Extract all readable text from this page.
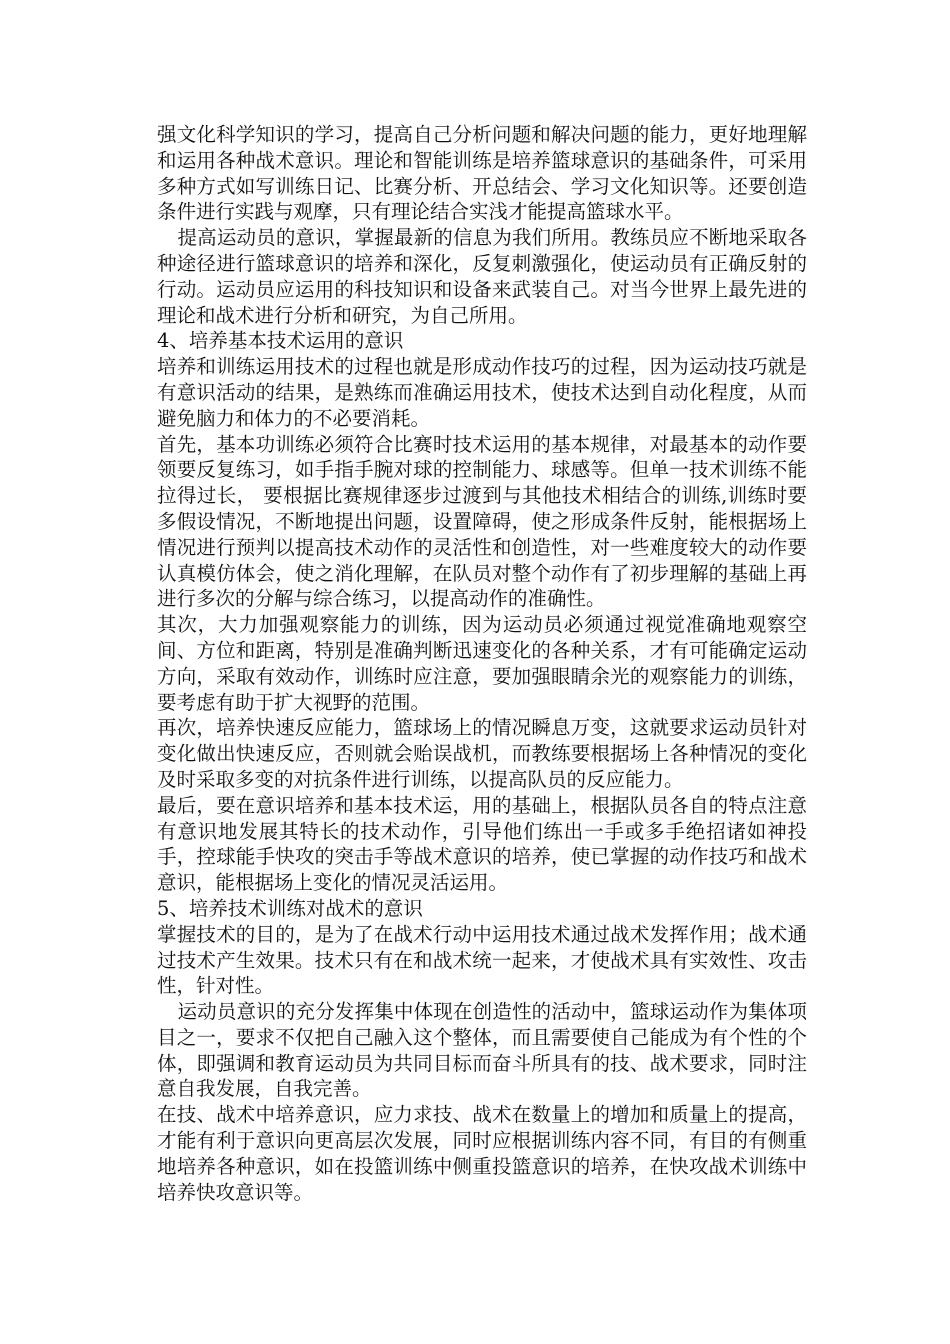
强文化科学知识的学习，提高自己分析问题和解决问题的能力，更好地理解和运用各种战术意识。理论和智能训练是培养篮球意识的基础条件，可采用多种方式如写训练日记、比赛分析、开总结会、学习文化知识等。还要创造条件进行实践与观摩，只有理论结合实浅才能提高篮球水平。

提高运动员的意识，掌握最新的信息为我们所用。教练员应不断地采取各种途径进行篮球意识的培养和深化，反复刺激强化，使运动员有正确反射的行动。运动员应运用的科技知识和设备来武装自己。对当今世界上最先进的理论和战术进行分析和研究，为自己所用。

4、培养基本技术运用的意识

培养和训练运用技术的过程也就是形成动作技巧的过程，因为运动技巧就是有意识活动的结果，是熟练而准确运用技术，使技术达到自动化程度，从而避免脑力和体力的不必要消耗。

首先，基本功训练必须符合比赛时技术运用的基本规律，对最基本的动作要领要反复练习，如手指手腕对球的控制能力、球感等。但单一技术训练不能拉得过长， 要根据比赛规律逐步过渡到与其他技术相结合的训练,训练时要多假设情况，不断地提出问题，设置障碍，使之形成条件反射，能根据场上情况进行预判以提高技术动作的灵活性和创造性，对一些难度较大的动作要认真模仿体会，使之消化理解，在队员对整个动作有了初步理解的基础上再进行多次的分解与综合练习，以提高动作的准确性。

其次，大力加强观察能力的训练，因为运动员必须通过视觉准确地观察空间、方位和距离，特别是准确判断迅速变化的各种关系，才有可能确定运动方向，采取有效动作，训练时应注意，要加强眼睛余光的观察能力的训练，要考虑有助于扩大视野的范围。

再次，培养快速反应能力，篮球场上的情况瞬息万变，这就要求运动员针对变化做出快速反应，否则就会贻误战机，而教练要根据场上各种情况的变化及时采取多变的对抗条件进行训练，以提高队员的反应能力。

最后，要在意识培养和基本技术运，用的基础上，根据队员各自的特点注意有意识地发展其特长的技术动作，引导他们练出一手或多手绝招诸如神投手，控球能手快攻的突击手等战术意识的培养，使已掌握的动作技巧和战术意识，能根据场上变化的情况灵活运用。

5、培养技术训练对战术的意识

掌握技术的目的，是为了在战术行动中运用技术通过战术发挥作用；战术通过技术产生效果。技术只有在和战术统一起来，才使战术具有实效性、攻击性，针对性。

运动员意识的充分发挥集中体现在创造性的活动中，篮球运动作为集体项目之一，要求不仅把自己融入这个整体，而且需要使自己能成为有个性的个体，即强调和教育运动员为共同目标而奋斗所具有的技、战术要求，同时注意自我发展，自我完善。

在技、战术中培养意识，应力求技、战术在数量上的增加和质量上的提高，才能有利于意识向更高层次发展，同时应根据训练内容不同，有目的有侧重地培养各种意识，如在投篮训练中侧重投篮意识的培养，在快攻战术训练中培养快攻意识等。
